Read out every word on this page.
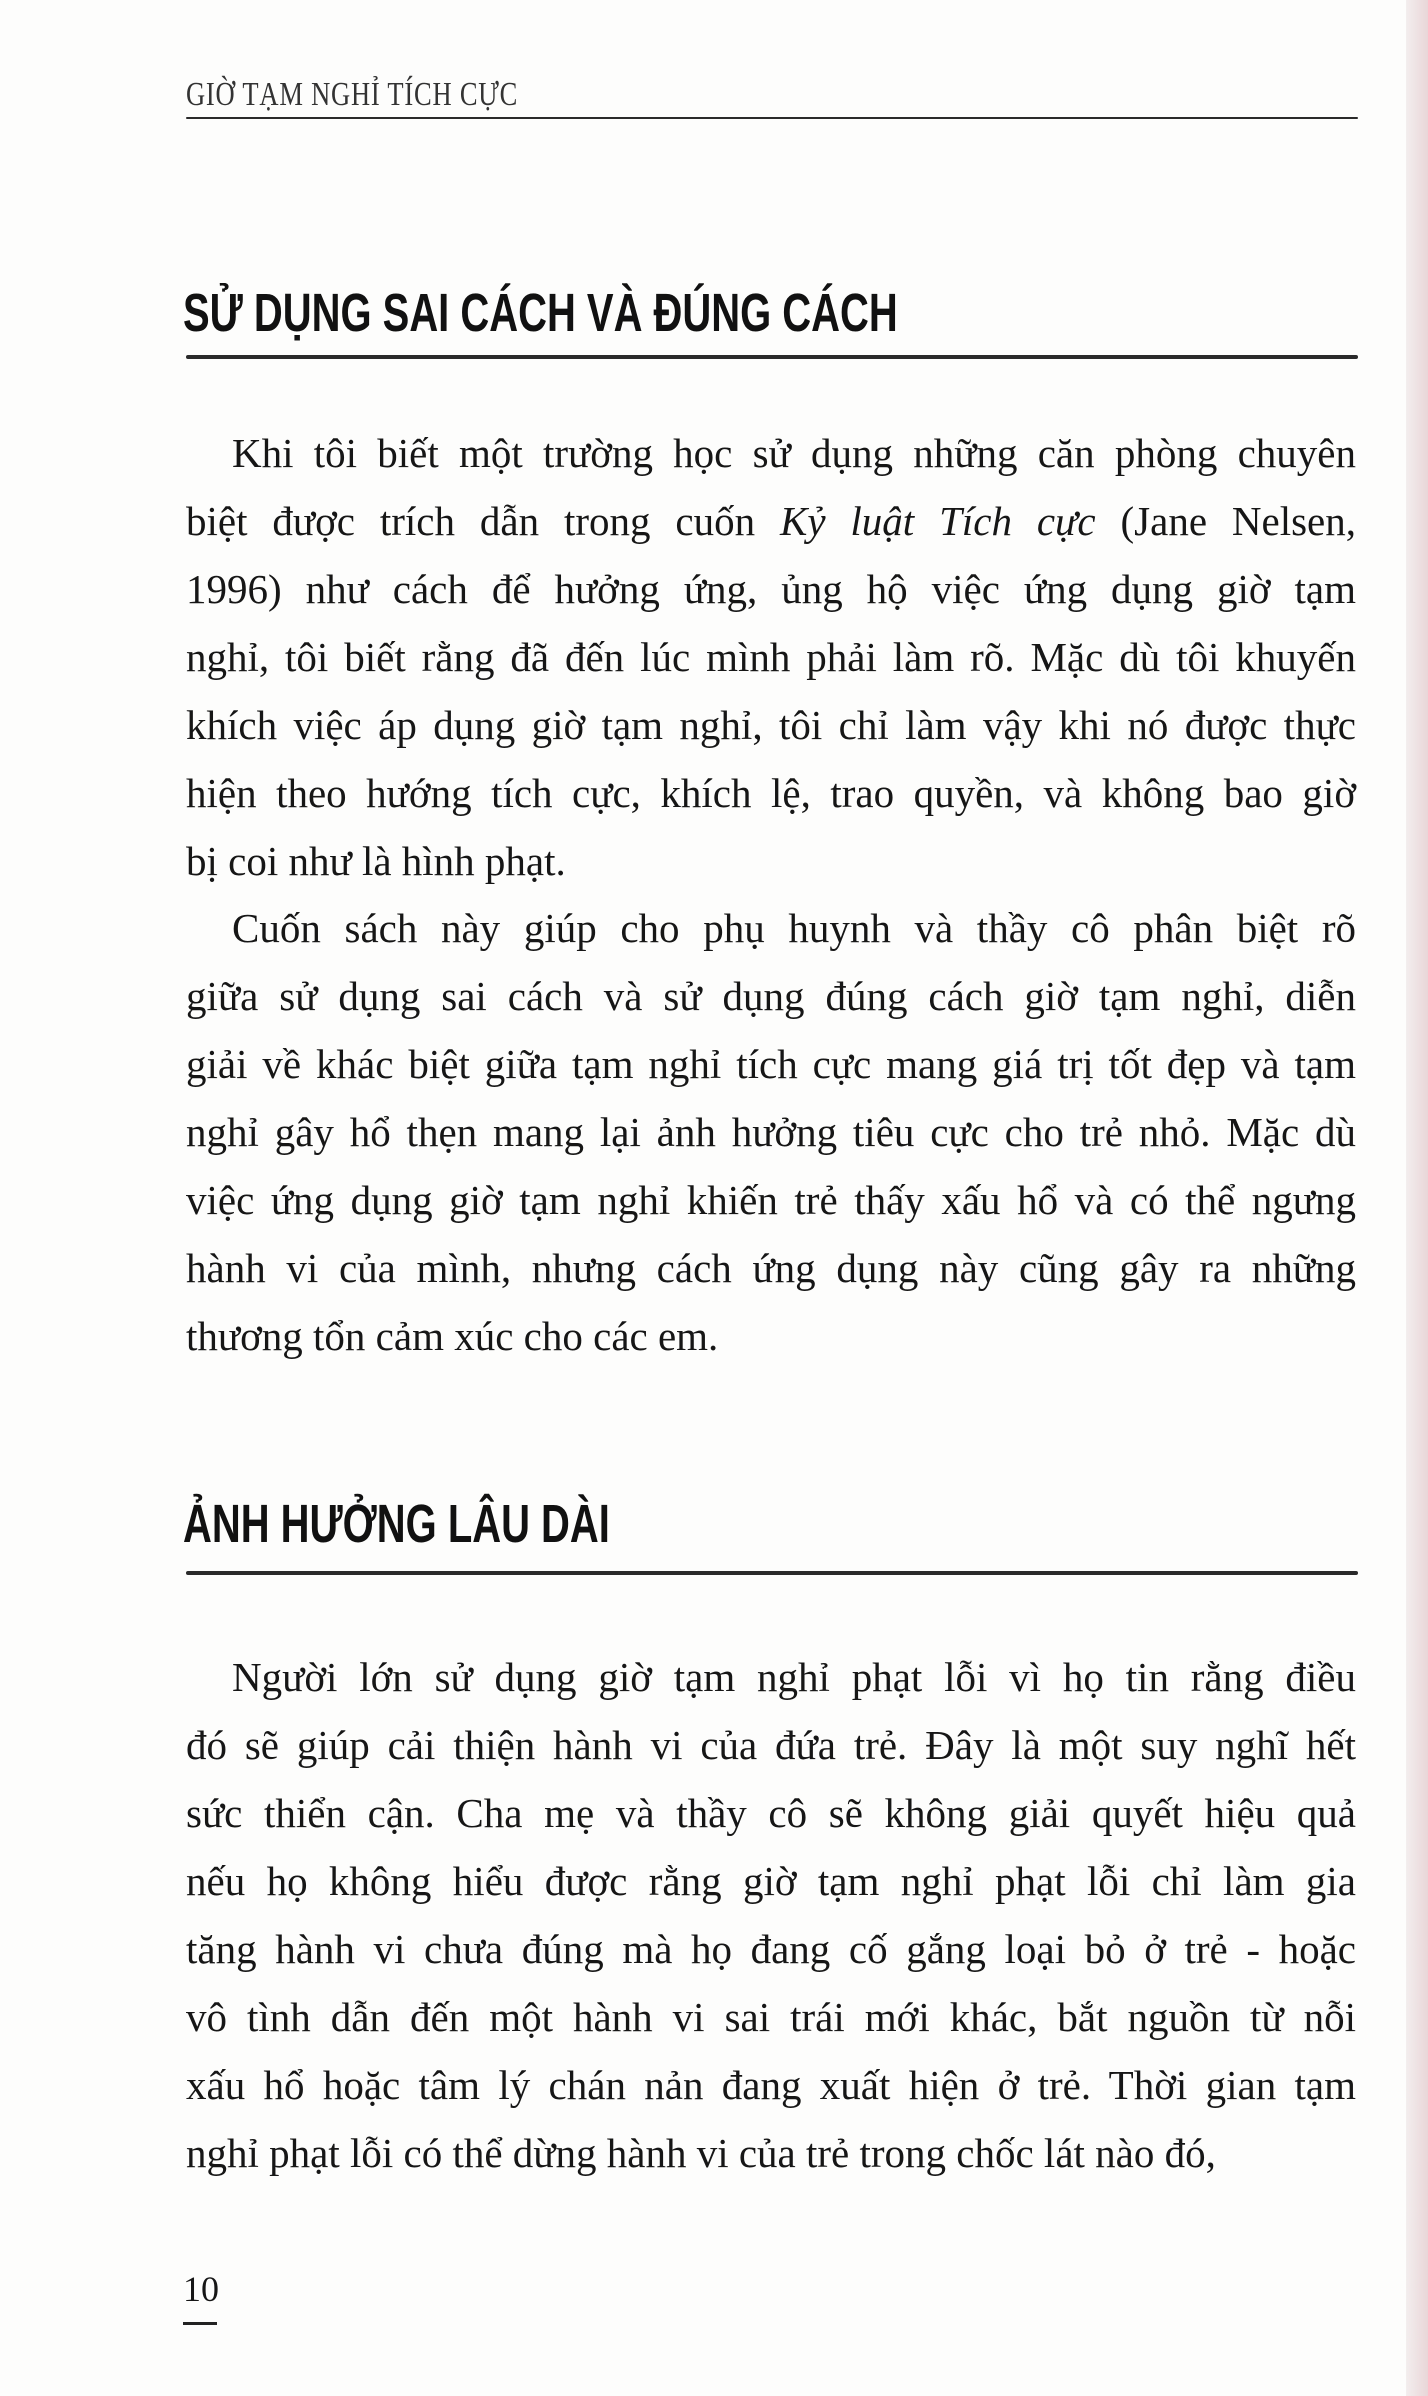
GIỜ TẠM NGHỈ TÍCH CỰC
SỬ DỤNG SAI CÁCH VÀ ĐÚNG CÁCH
ẢNH HƯỞNG LÂU DÀI
Khi tôi biết một trường học sử dụng những căn phòng chuyên
biệt được trích dẫn trong cuốn Kỷ luật Tích cực (Jane Nelsen,
1996) như cách để hưởng ứng, ủng hộ việc ứng dụng giờ tạm
nghỉ, tôi biết rằng đã đến lúc mình phải làm rõ. Mặc dù tôi khuyến
khích việc áp dụng giờ tạm nghỉ, tôi chỉ làm vậy khi nó được thực
hiện theo hướng tích cực, khích lệ, trao quyền, và không bao giờ
bị coi như là hình phạt.
Cuốn sách này giúp cho phụ huynh và thầy cô phân biệt rõ
giữa sử dụng sai cách và sử dụng đúng cách giờ tạm nghỉ, diễn
giải về khác biệt giữa tạm nghỉ tích cực mang giá trị tốt đẹp và tạm
nghỉ gây hổ thẹn mang lại ảnh hưởng tiêu cực cho trẻ nhỏ. Mặc dù
việc ứng dụng giờ tạm nghỉ khiến trẻ thấy xấu hổ và có thể ngưng
hành vi của mình, nhưng cách ứng dụng này cũng gây ra những
thương tổn cảm xúc cho các em.
Người lớn sử dụng giờ tạm nghỉ phạt lỗi vì họ tin rằng điều
đó sẽ giúp cải thiện hành vi của đứa trẻ. Đây là một suy nghĩ hết
sức thiển cận. Cha mẹ và thầy cô sẽ không giải quyết hiệu quả
nếu họ không hiểu được rằng giờ tạm nghỉ phạt lỗi chỉ làm gia
tăng hành vi chưa đúng mà họ đang cố gắng loại bỏ ở trẻ - hoặc
vô tình dẫn đến một hành vi sai trái mới khác, bắt nguồn từ nỗi
xấu hổ hoặc tâm lý chán nản đang xuất hiện ở trẻ. Thời gian tạm
nghỉ phạt lỗi có thể dừng hành vi của trẻ trong chốc lát nào đó,
10
